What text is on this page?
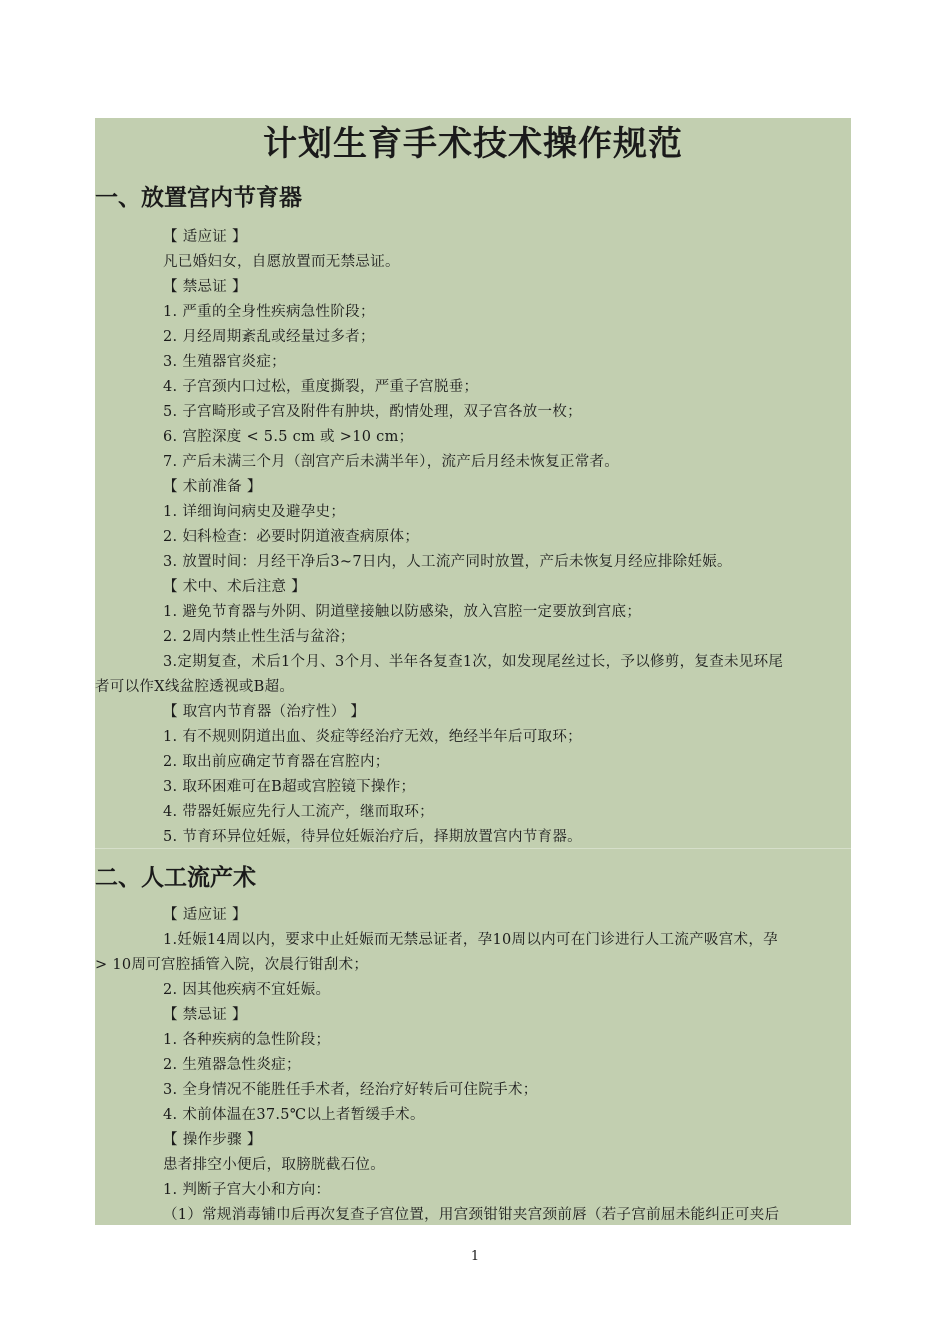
计划生育手术技术操作规范
一、放置宫内节育器
【 适应证 】
凡已婚妇女，自愿放置而无禁忌证。
【 禁忌证 】
1. 严重的全身性疾病急性阶段；
2. 月经周期紊乱或经量过多者；
3. 生殖器官炎症；
4. 子宫颈内口过松，重度撕裂，严重子宫脱垂；
5. 子宫畸形或子宫及附件有肿块，酌情处理，双子宫各放一枚；
6. 宫腔深度 < 5.5 cm 或 >10 cm；
7. 产后未满三个月（剖宫产后未满半年），流产后月经未恢复正常者。
【 术前准备 】
1. 详细询问病史及避孕史；
2. 妇科检查：必要时阴道液查病原体；
3. 放置时间：月经干净后3~7日内，人工流产同时放置，产后未恢复月经应排除妊娠。
【 术中、术后注意 】
1. 避免节育器与外阴、阴道壁接触以防感染，放入宫腔一定要放到宫底；
2. 2周内禁止性生活与盆浴；
3.定期复查，术后1个月、3个月、半年各复查1次，如发现尾丝过长，予以修剪，复查未见环尾
者可以作X线盆腔透视或B超。
【 取宫内节育器（治疗性） 】
1. 有不规则阴道出血、炎症等经治疗无效，绝经半年后可取环；
2. 取出前应确定节育器在宫腔内；
3. 取环困难可在B超或宫腔镜下操作；
4. 带器妊娠应先行人工流产，继而取环；
5. 节育环异位妊娠，待异位妊娠治疗后，择期放置宫内节育器。
二、人工流产术
【 适应证 】
1.妊娠14周以内，要求中止妊娠而无禁忌证者，孕10周以内可在门诊进行人工流产吸宫术，孕
> 10周可宫腔插管入院，次晨行钳刮术；
2. 因其他疾病不宜妊娠。
【 禁忌证 】
1. 各种疾病的急性阶段；
2. 生殖器急性炎症；
3. 全身情况不能胜任手术者，经治疗好转后可住院手术；
4. 术前体温在37.5℃以上者暂缓手术。
【 操作步骤 】
患者排空小便后，取膀胱截石位。
1. 判断子宫大小和方向：
（1）常规消毒铺巾后再次复查子宫位置，用宫颈钳钳夹宫颈前唇（若子宫前屈未能纠正可夹后
1
